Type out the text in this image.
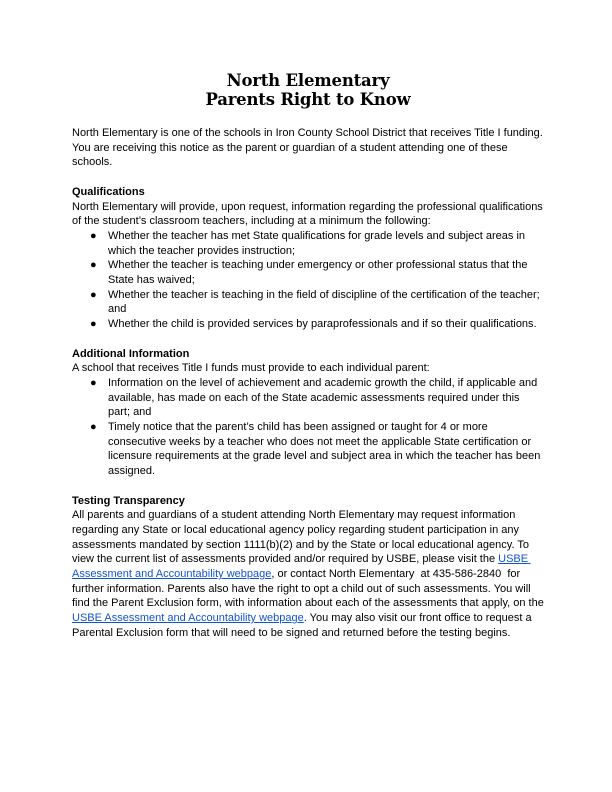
North Elementary
Parents Right to Know

North Elementary is one of the schools in Iron County School District that receives Title I funding. You are receiving this notice as the parent or guardian of a student attending one of these schools.

Qualifications

North Elementary will provide, upon request, information regarding the professional qualifications of the student’s classroom teachers, including at a minimum the following:

● Whether the teacher has met State qualifications for grade levels and subject areas in which the teacher provides instruction;
● Whether the teacher is teaching under emergency or other professional status that the State has waived;
● Whether the teacher is teaching in the field of discipline of the certification of the teacher; and
● Whether the child is provided services by paraprofessionals and if so their qualifications.
Additional Information

A school that receives Title I funds must provide to each individual parent:

● Information on the level of achievement and academic growth the child, if applicable and available, has made on each of the State academic assessments required under this part; and
● Timely notice that the parent’s child has been assigned or taught for 4 or more consecutive weeks by a teacher who does not meet the applicable State certification or licensure requirements at the grade level and subject area in which the teacher has been assigned.
Testing Transparency

All parents and guardians of a student attending North Elementary may request information regarding any State or local educational agency policy regarding student participation in any assessments mandated by section 1111(b)(2) and by the State or local educational agency. To view the current list of assessments provided and/or required by USBE, please visit the USBE Assessment and Accountability webpage, or contact North Elementary  at 435-586-2840  for further information. Parents also have the right to opt a child out of such assessments. You will find the Parent Exclusion form, with information about each of the assessments that apply, on the USBE Assessment and Accountability webpage. You may also visit our front office to request a Parental Exclusion form that will need to be signed and returned before the testing begins.
